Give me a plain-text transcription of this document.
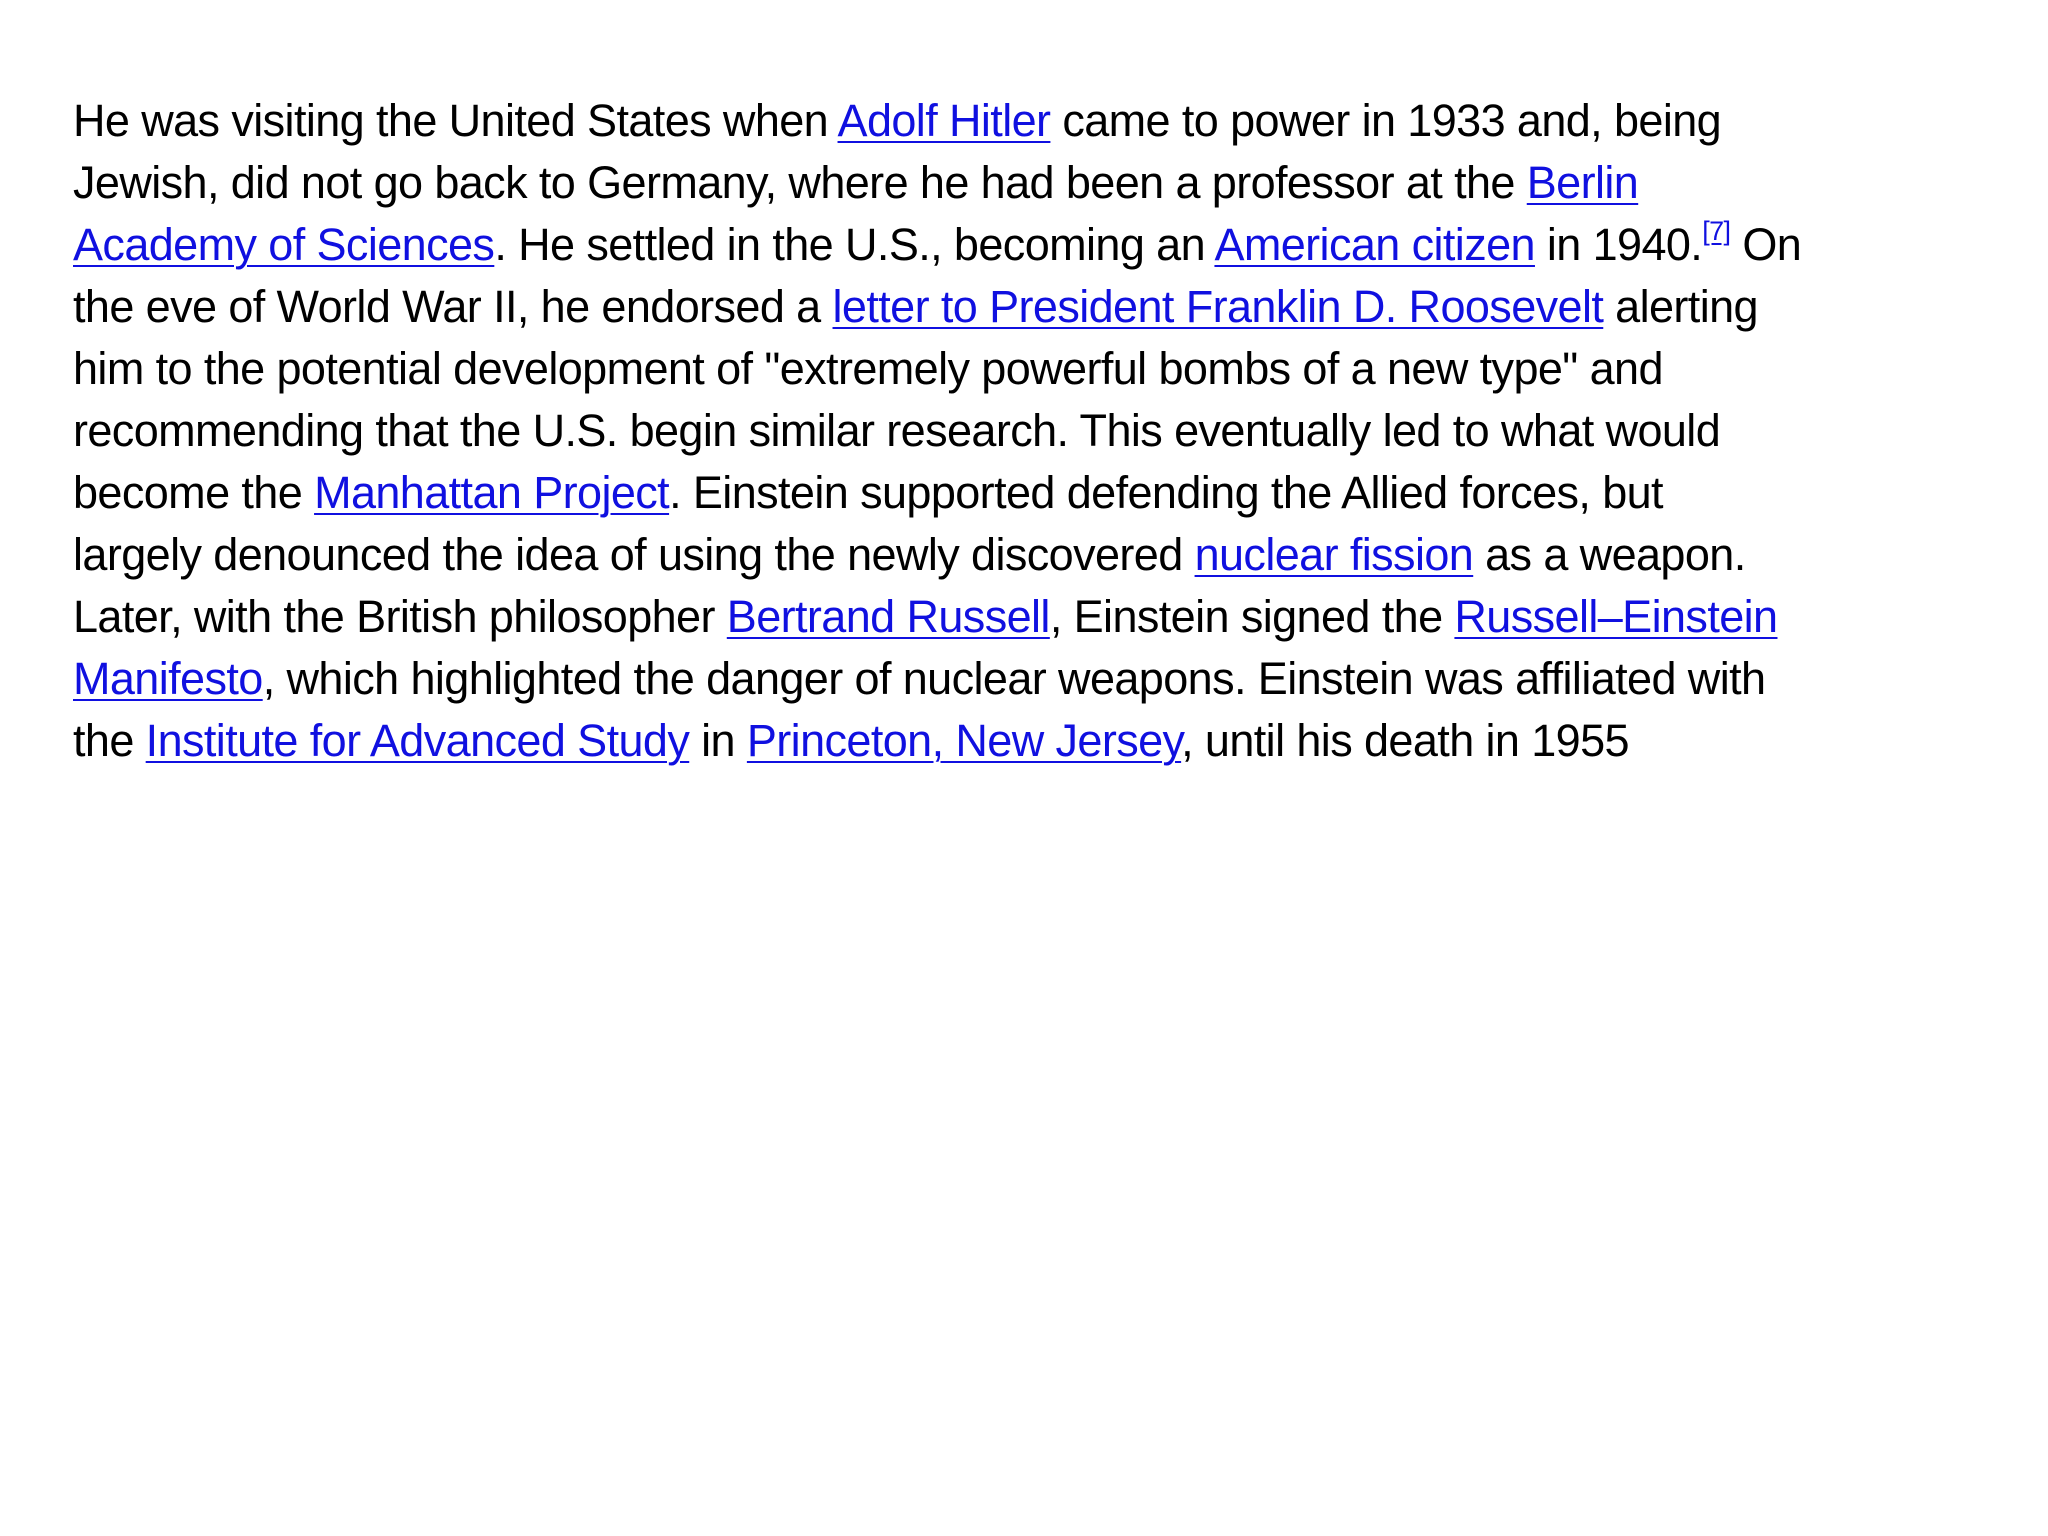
He was visiting the United States when Adolf Hitler came to power in 1933 and, being
Jewish, did not go back to Germany, where he had been a professor at the Berlin
Academy of Sciences. He settled in the U.S., becoming an American citizen in 1940.[7] On
the eve of World War II, he endorsed a letter to President Franklin D. Roosevelt alerting
him to the potential development of "extremely powerful bombs of a new type" and
recommending that the U.S. begin similar research. This eventually led to what would
become the Manhattan Project. Einstein supported defending the Allied forces, but
largely denounced the idea of using the newly discovered nuclear fission as a weapon.
Later, with the British philosopher Bertrand Russell, Einstein signed the Russell–Einstein
Manifesto, which highlighted the danger of nuclear weapons. Einstein was affiliated with
the Institute for Advanced Study in Princeton, New Jersey, until his death in 1955
